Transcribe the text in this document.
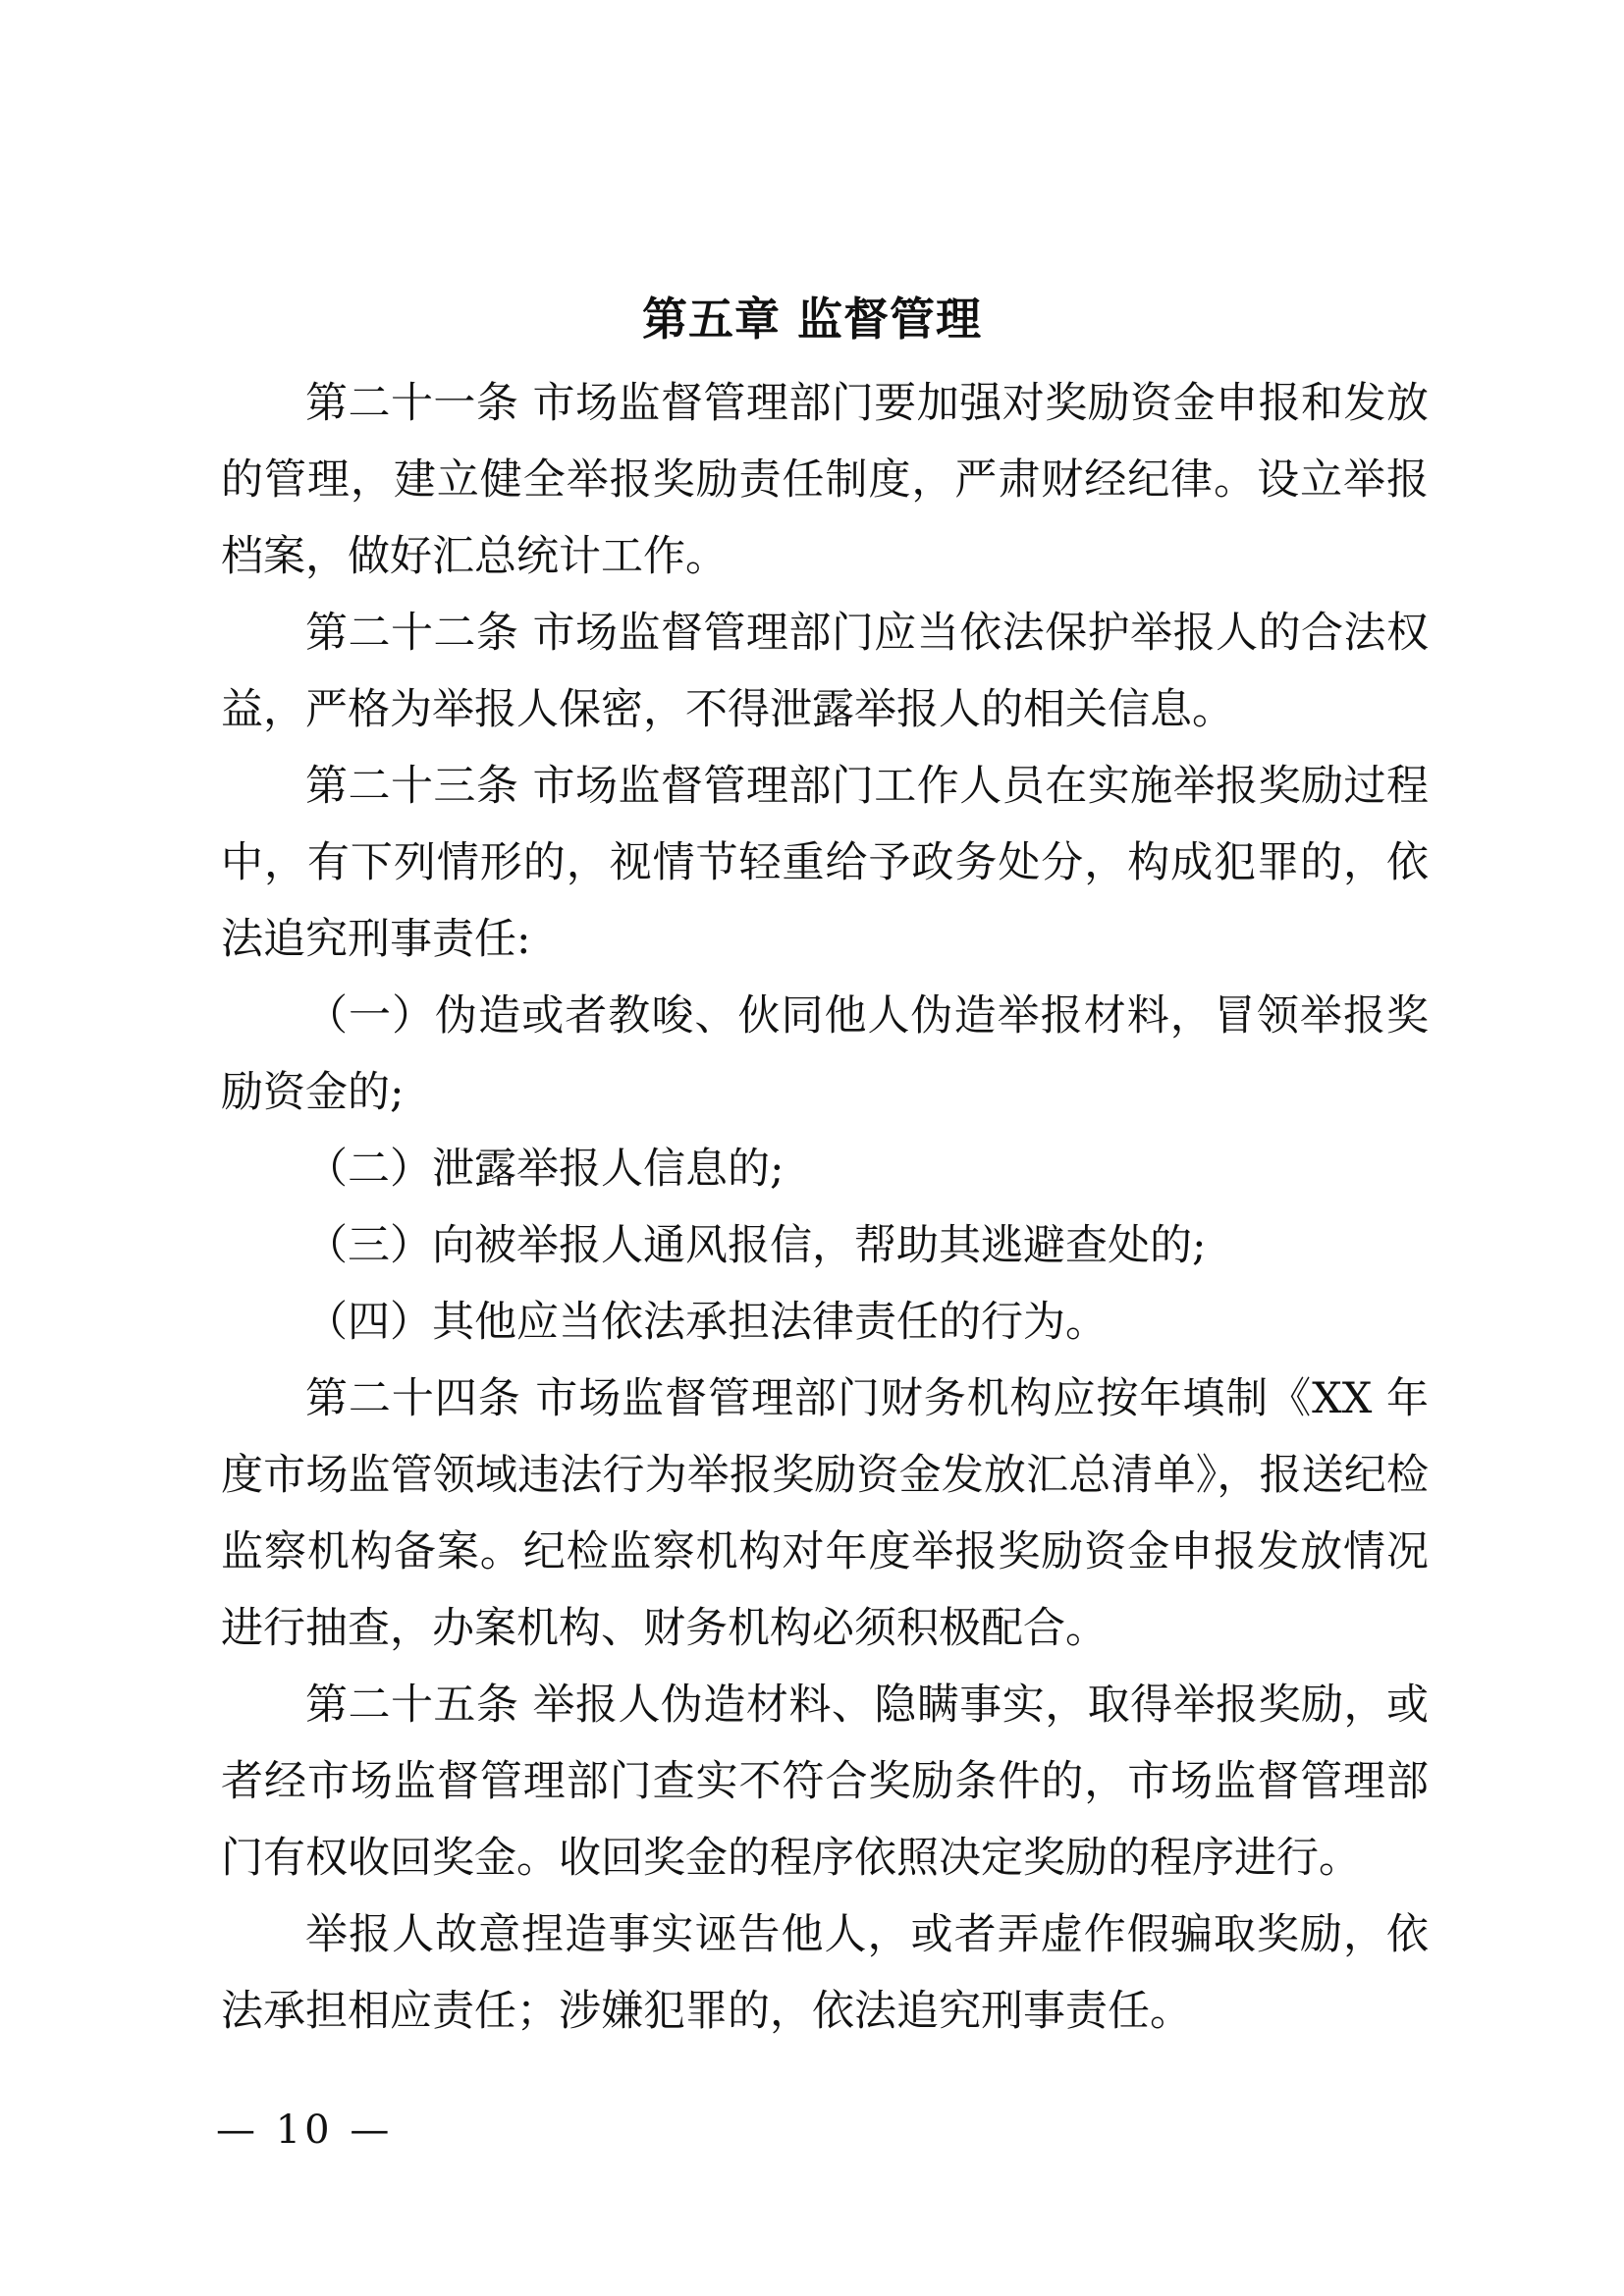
第五章 监督管理

第二十一条 市场监督管理部门要加强对奖励资金申报和发放的管理，建立健全举报奖励责任制度，严肃财经纪律。设立举报档案，做好汇总统计工作。

第二十二条 市场监督管理部门应当依法保护举报人的合法权益，严格为举报人保密，不得泄露举报人的相关信息。

第二十三条 市场监督管理部门工作人员在实施举报奖励过程中，有下列情形的，视情节轻重给予政务处分，构成犯罪的，依法追究刑事责任:

（一）伪造或者教唆、伙同他人伪造举报材料，冒领举报奖励资金的;

（二）泄露举报人信息的;

（三）向被举报人通风报信，帮助其逃避查处的;

（四）其他应当依法承担法律责任的行为。

第二十四条 市场监督管理部门财务机构应按年填制《XX 年度市场监管领域违法行为举报奖励资金发放汇总清单》，报送纪检监察机构备案。纪检监察机构对年度举报奖励资金申报发放情况进行抽查，办案机构、财务机构必须积极配合。

第二十五条 举报人伪造材料、隐瞒事实，取得举报奖励，或者经市场监督管理部门查实不符合奖励条件的，市场监督管理部门有权收回奖金。收回奖金的程序依照决定奖励的程序进行。

举报人故意捏造事实诬告他人，或者弄虚作假骗取奖励，依法承担相应责任；涉嫌犯罪的，依法追究刑事责任。

— 10 —
